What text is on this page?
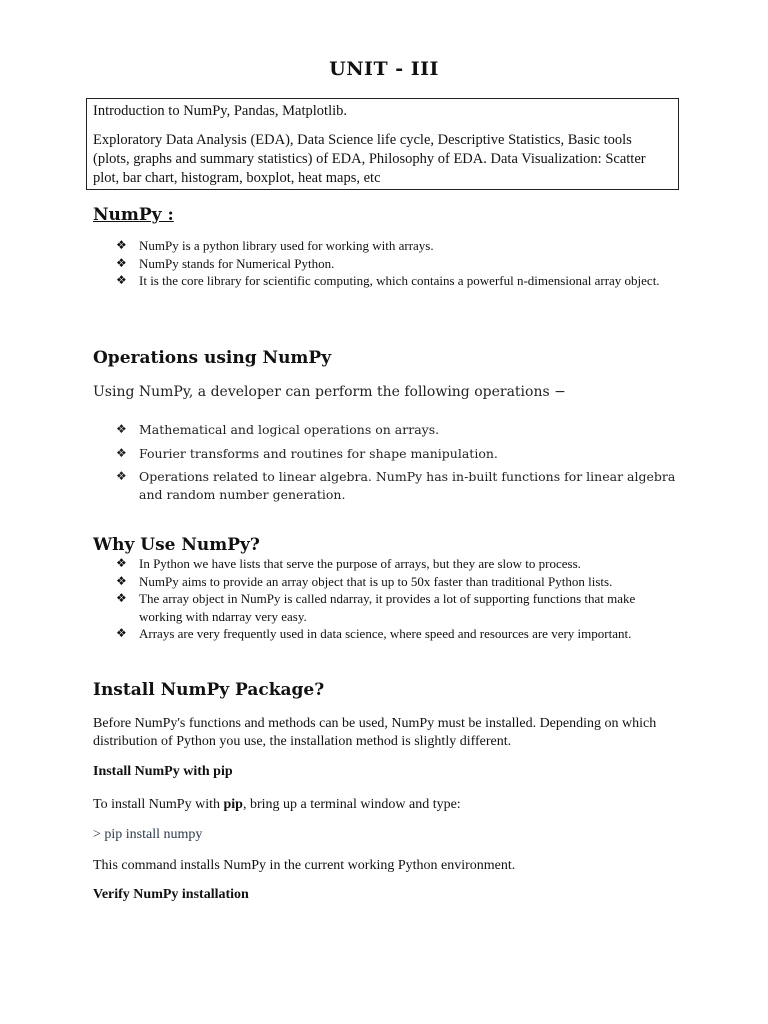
UNIT - III

Introduction to NumPy, Pandas, Matplotlib.

Exploratory Data Analysis (EDA), Data Science life cycle, Descriptive Statistics, Basic tools (plots, graphs and summary statistics) of EDA, Philosophy of EDA. Data Visualization: Scatter plot, bar chart, histogram, boxplot, heat maps, etc

NumPy :
❖ NumPy is a python library used for working with arrays.
❖ NumPy stands for Numerical Python.
❖ It is the core library for scientific computing, which contains a powerful n-dimensional array object.
Operations using NumPy

Using NumPy, a developer can perform the following operations −

❖ Mathematical and logical operations on arrays.
❖ Fourier transforms and routines for shape manipulation.
❖ Operations related to linear algebra. NumPy has in-built functions for linear algebra and random number generation.
Why Use NumPy?
❖ In Python we have lists that serve the purpose of arrays, but they are slow to process.
❖ NumPy aims to provide an array object that is up to 50x faster than traditional Python lists.
❖ The array object in NumPy is called ndarray, it provides a lot of supporting functions that make working with ndarray very easy.
❖ Arrays are very frequently used in data science, where speed and resources are very important.
Install NumPy Package?

Before NumPy's functions and methods can be used, NumPy must be installed. Depending on which distribution of Python you use, the installation method is slightly different.

Install NumPy with pip

To install NumPy with pip, bring up a terminal window and type:

> pip install numpy

This command installs NumPy in the current working Python environment.

Verify NumPy installation
